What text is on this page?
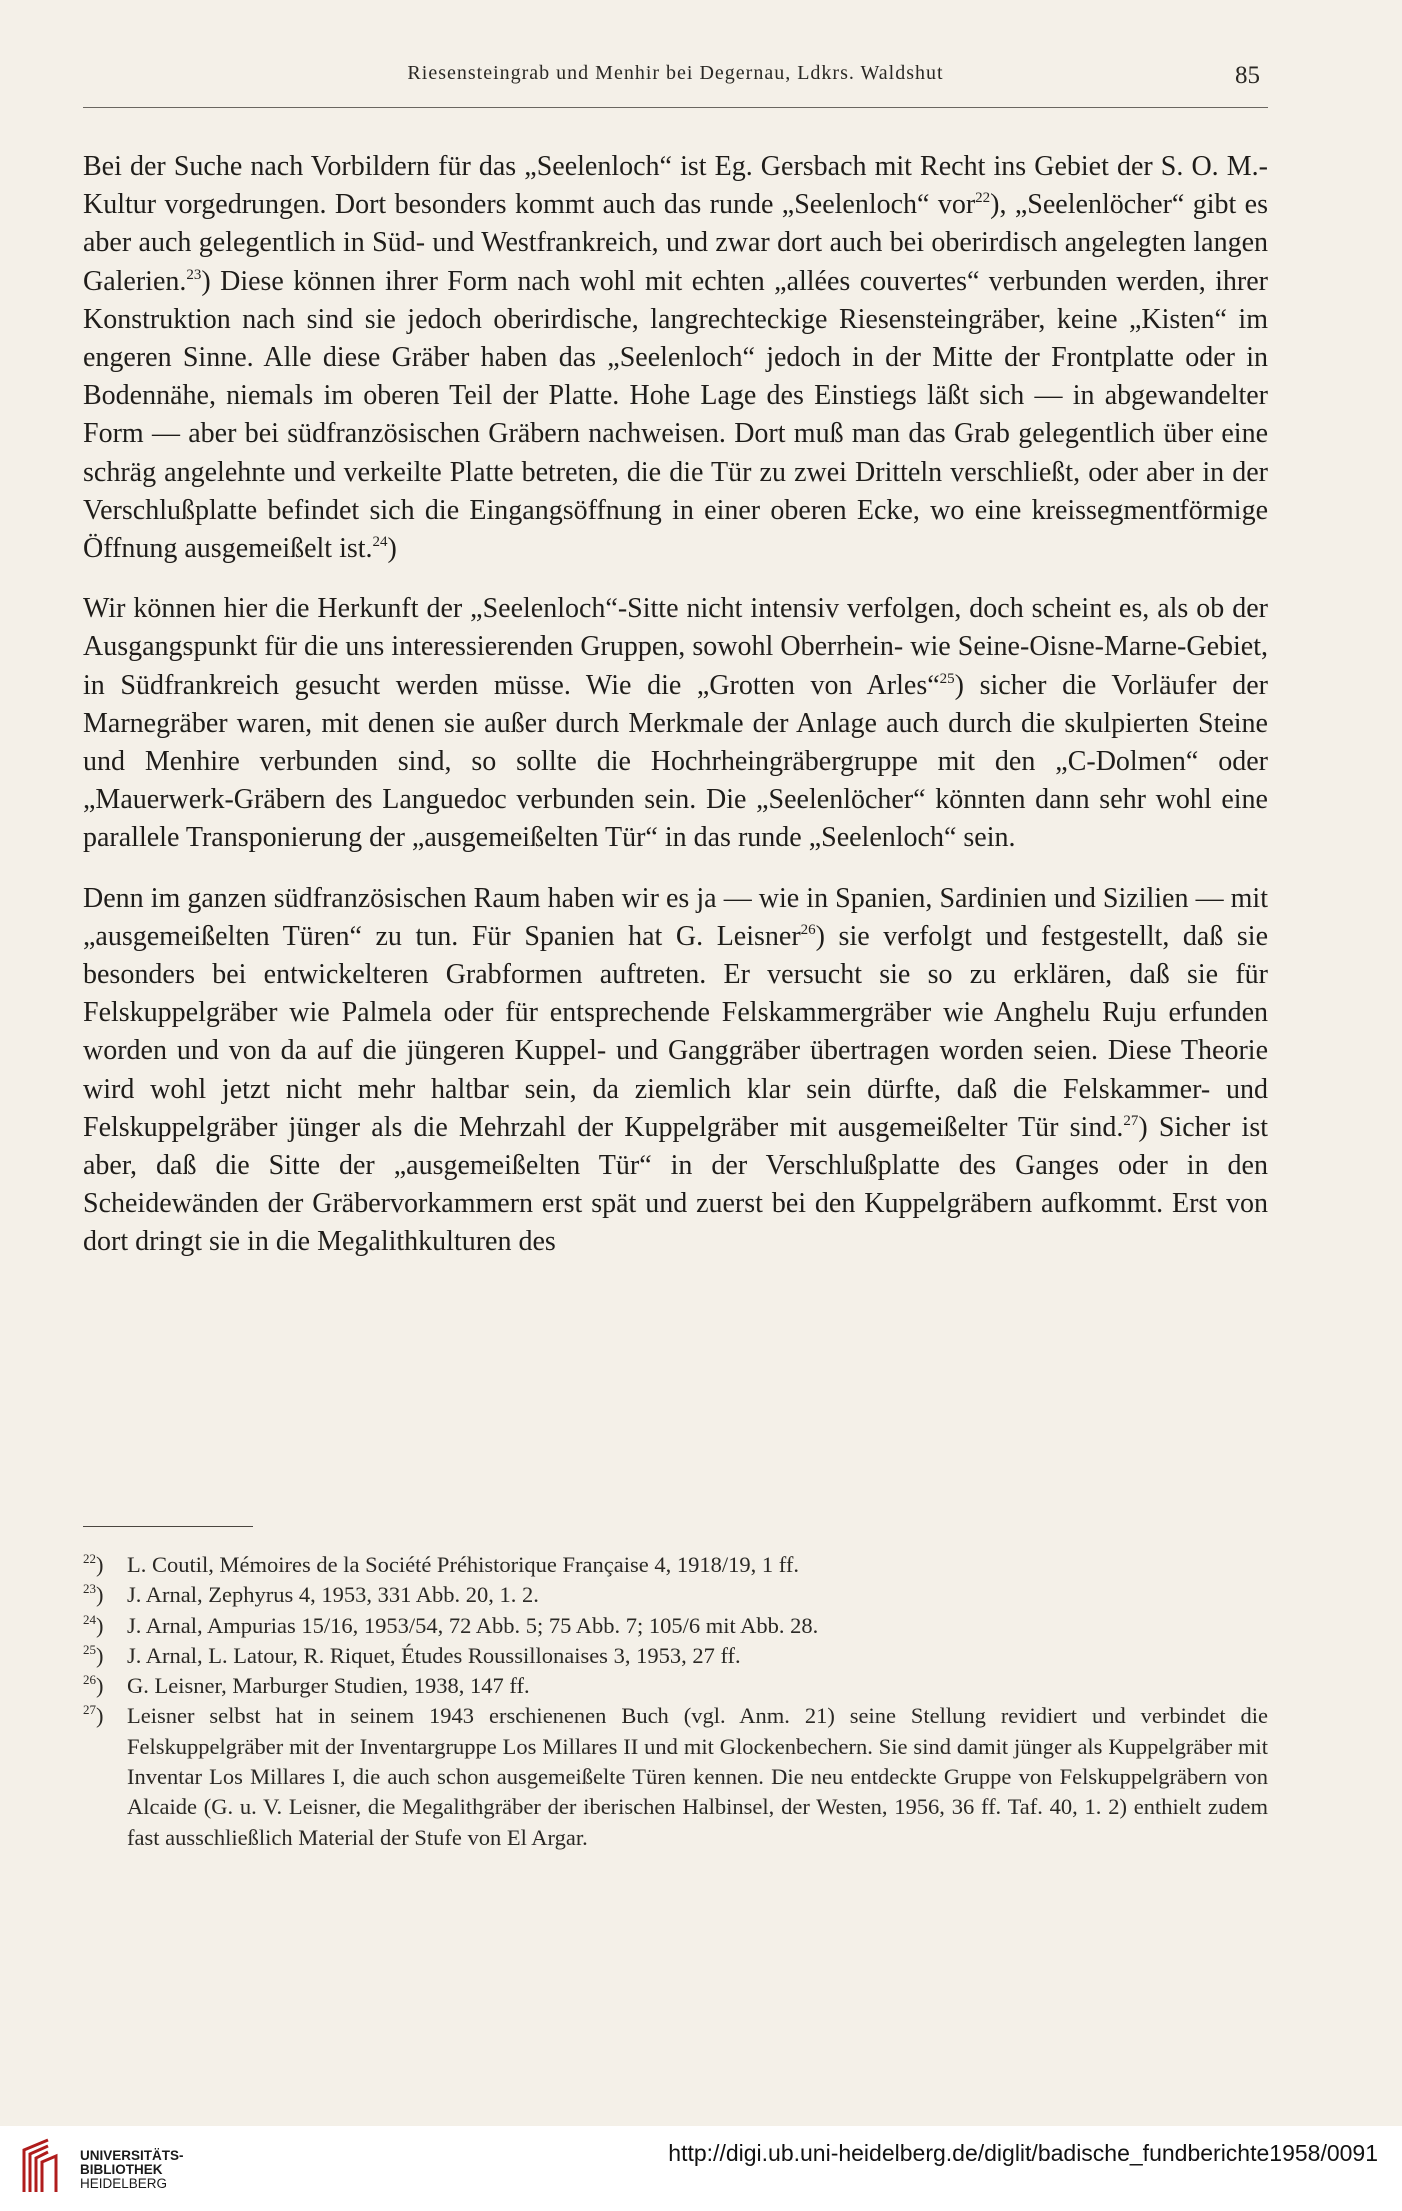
Riesensteingrab und Menhir bei Degernau, Ldkrs. Waldshut	85

Bei der Suche nach Vorbildern für das „Seelenloch“ ist Eg. Gersbach mit Recht ins Gebiet der S. O. M.-Kultur vorgedrungen. Dort besonders kommt auch das runde „Seelenloch“ vor$^{22}$), „Seelenlöcher“ gibt es aber auch gelegentlich in Süd- und Westfrankreich, und zwar dort auch bei oberirdisch angelegten langen Galerien.$^{23}$) Diese können ihrer Form nach wohl mit echten „allées couvertes“ verbunden werden, ihrer Konstruktion nach sind sie jedoch oberirdische, langrechteckige Riesensteingräber, keine „Kisten“ im engeren Sinne. Alle diese Gräber haben das „Seelenloch“ jedoch in der Mitte der Frontplatte oder in Bodennähe, niemals im oberen Teil der Platte. Hohe Lage des Einstiegs läßt sich — in abgewandelter Form — aber bei südfranzösischen Gräbern nachweisen. Dort muß man das Grab gelegentlich über eine schräg angelehnte und verkeilte Platte betreten, die die Tür zu zwei Dritteln verschließt, oder aber in der Verschlußplatte befindet sich die Eingangsöffnung in einer oberen Ecke, wo eine kreissegmentförmige Öffnung ausgemeißelt ist.$^{24}$)

Wir können hier die Herkunft der „Seelenloch“-Sitte nicht intensiv verfolgen, doch scheint es, als ob der Ausgangspunkt für die uns interessierenden Gruppen, sowohl Oberrhein- wie Seine-Oisne-Marne-Gebiet, in Südfrankreich gesucht werden müsse. Wie die „Grotten von Arles“$^{25}$) sicher die Vorläufer der Marnegräber waren, mit denen sie außer durch Merkmale der Anlage auch durch die skulpierten Steine und Menhire verbunden sind, so sollte die Hochrheingräbergruppe mit den „C-Dolmen“ oder „Mauerwerk-Gräbern des Languedoc verbunden sein. Die „Seelenlöcher“ könnten dann sehr wohl eine parallele Transponierung der „ausgemeißelten Tür“ in das runde „Seelenloch“ sein.

Denn im ganzen südfranzösischen Raum haben wir es ja — wie in Spanien, Sardinien und Sizilien — mit „ausgemeißelten Türen“ zu tun. Für Spanien hat G. Leisner$^{26}$) sie verfolgt und festgestellt, daß sie besonders bei entwickelteren Grabformen auftreten. Er versucht sie so zu erklären, daß sie für Felskuppelgräber wie Palmela oder für entsprechende Felskammergräber wie Anghelu Ruju erfunden worden und von da auf die jüngeren Kuppel- und Ganggräber übertragen worden seien. Diese Theorie wird wohl jetzt nicht mehr haltbar sein, da ziemlich klar sein dürfte, daß die Felskammer- und Felskuppelgräber jünger als die Mehrzahl der Kuppelgräber mit ausgemeißelter Tür sind.$^{27}$) Sicher ist aber, daß die Sitte der „ausgemeißelten Tür“ in der Verschlußplatte des Ganges oder in den Scheidewänden der Gräbervorkammern erst spät und zuerst bei den Kuppelgräbern aufkommt. Erst von dort dringt sie in die Megalithkulturen des

$^{22}$)	L. Coutil, Mémoires de la Société Préhistorique Française 4, 1918/19, 1 ff.
$^{23}$)	J. Arnal, Zephyrus 4, 1953, 331 Abb. 20, 1. 2.
$^{24}$)	J. Arnal, Ampurias 15/16, 1953/54, 72 Abb. 5; 75 Abb. 7; 105/6 mit Abb. 28.
$^{25}$)	J. Arnal, L. Latour, R. Riquet, Études Roussillonaises 3, 1953, 27 ff.
$^{26}$)	G. Leisner, Marburger Studien, 1938, 147 ff.
$^{27}$)	Leisner selbst hat in seinem 1943 erschienenen Buch (vgl. Anm. 21) seine Stellung revidiert und verbindet die Felskuppelgräber mit der Inventargruppe Los Millares II und mit Glockenbechern. Sie sind damit jünger als Kuppelgräber mit Inventar Los Millares I, die auch schon ausgemeißelte Türen kennen. Die neu entdeckte Gruppe von Felskuppelgräbern von Alcaide (G. u. V. Leisner, die Megalithgräber der iberischen Halbinsel, der Westen, 1956, 36 ff. Taf. 40, 1. 2) enthielt zudem fast ausschließlich Material der Stufe von El Argar.
UNIVERSITÄTS-
BIBLIOTHEK
HEIDELBERG
http://digi.ub.uni-heidelberg.de/diglit/badische_fundberichte1958/0091
